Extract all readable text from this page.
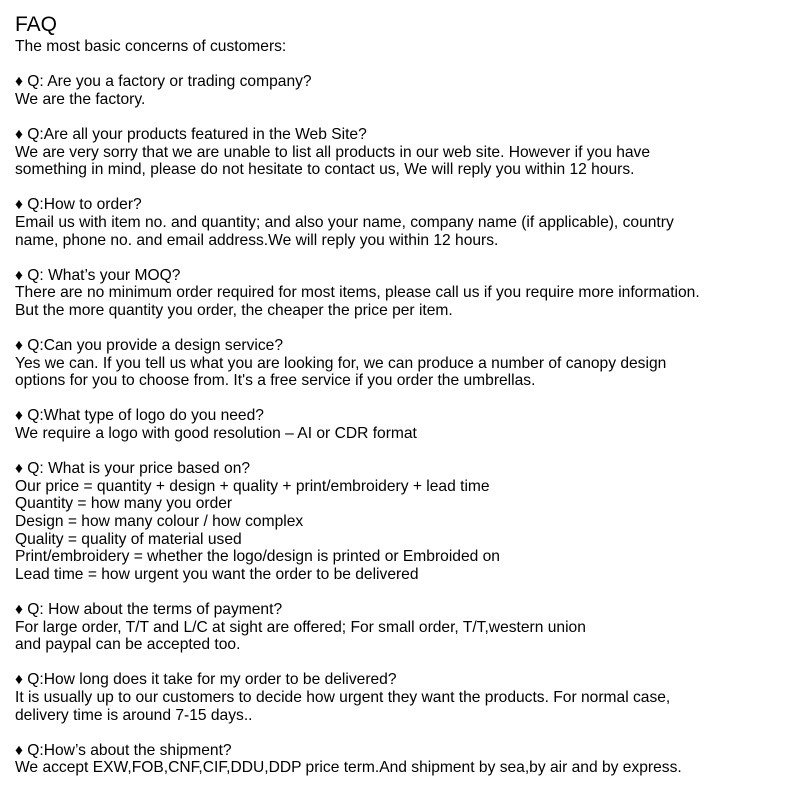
FAQ
The most basic concerns of customers:
♦ Q: Are you a factory or trading company?
We are the factory.
♦ Q:Are all your products featured in the Web Site?
We are very sorry that we are unable to list all products in our web site. However if you have
something in mind, please do not hesitate to contact us, We will reply you within 12 hours.
♦ Q:How to order?
Email us with item no. and quantity; and also your name, company name (if applicable), country
name, phone no. and email address.We will reply you within 12 hours.
♦ Q: What’s your MOQ?
There are no minimum order required for most items, please call us if you require more information.
But the more quantity you order, the cheaper the price per item.
♦ Q:Can you provide a design service?
Yes we can. If you tell us what you are looking for, we can produce a number of canopy design
options for you to choose from. It's a free service if you order the umbrellas.
♦ Q:What type of logo do you need?
We require a logo with good resolution – AI or CDR format
♦ Q: What is your price based on?
Our price = quantity + design + quality + print/embroidery + lead time
Quantity = how many you order
Design = how many colour / how complex
Quality = quality of material used
Print/embroidery = whether the logo/design is printed or Embroided on
Lead time = how urgent you want the order to be delivered
♦ Q: How about the terms of payment?
For large order, T/T and L/C at sight are offered; For small order, T/T,western union
and paypal can be accepted too.
♦ Q:How long does it take for my order to be delivered?
It is usually up to our customers to decide how urgent they want the products. For normal case,
delivery time is around 7-15 days..
♦ Q:How’s about the shipment?
We accept EXW,FOB,CNF,CIF,DDU,DDP price term.And shipment by sea,by air and by express.
